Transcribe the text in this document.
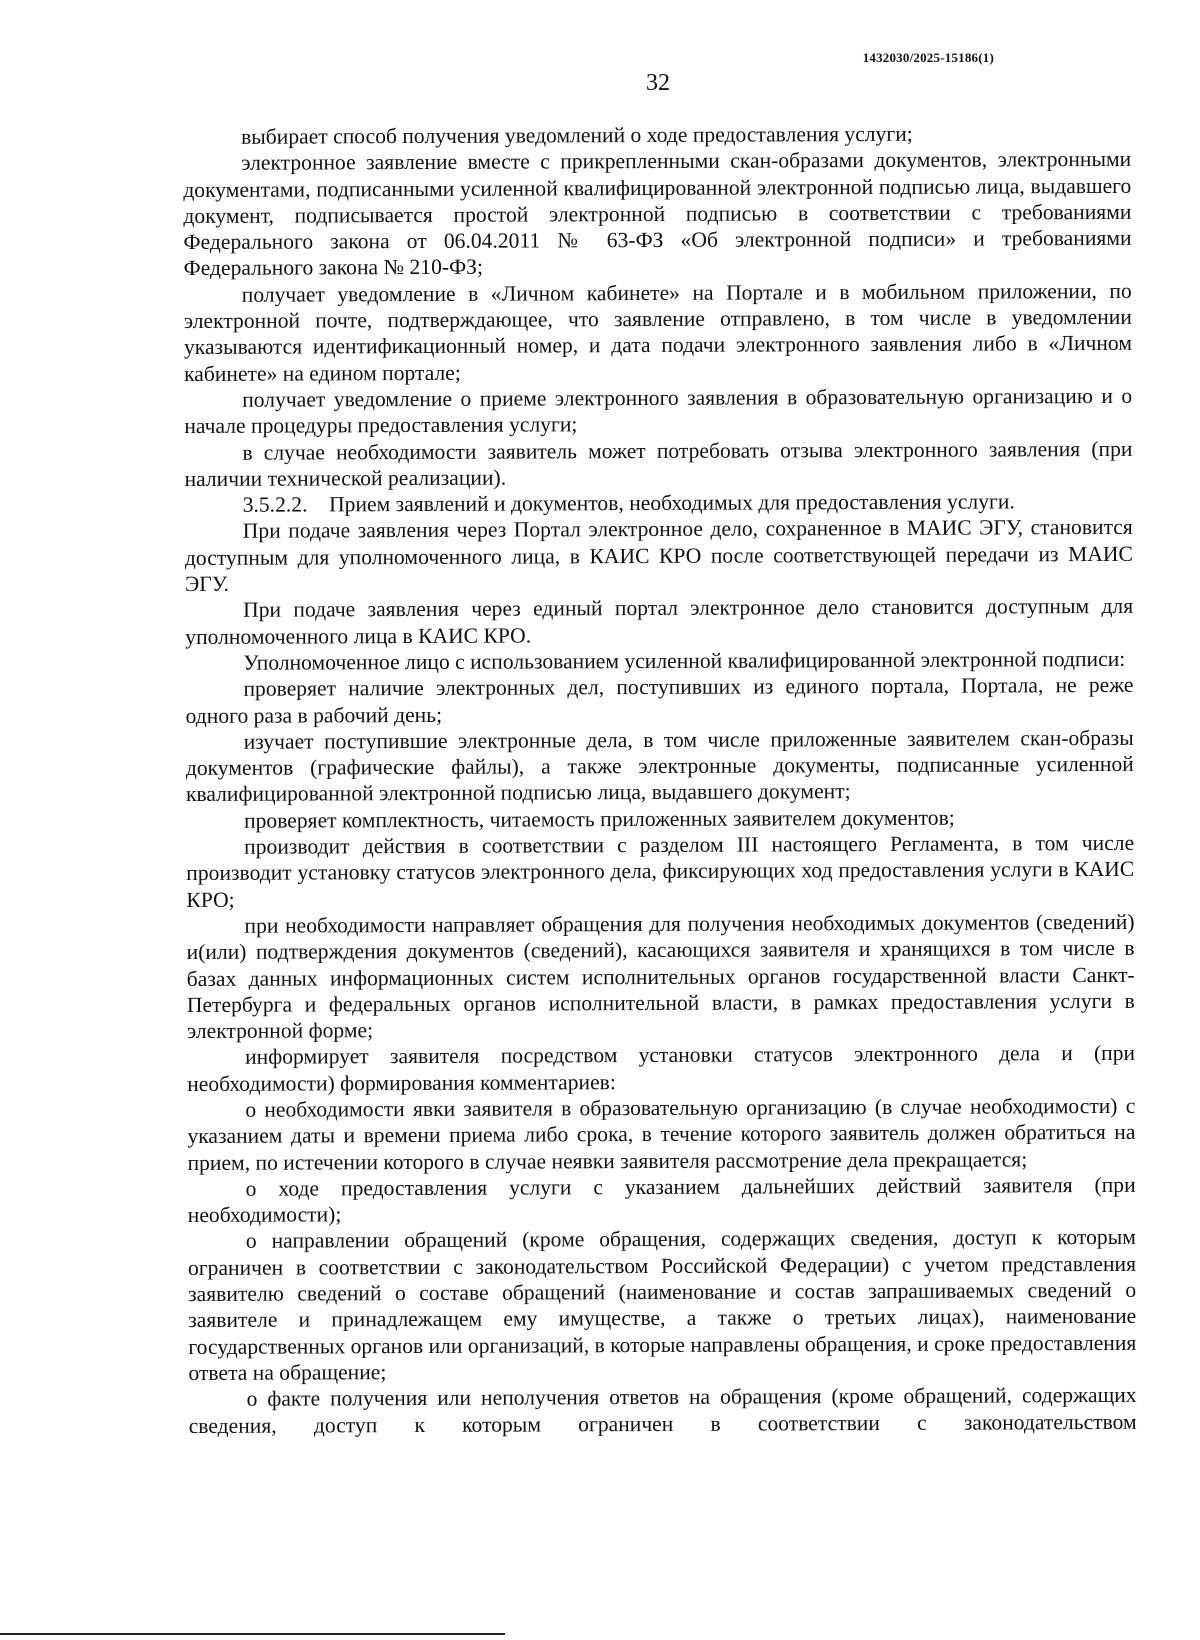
1432030/2025-15186(1)
32

выбирает способ получения уведомлений о ходе предоставления услуги;

электронное заявление вместе с прикрепленными скан-образами документов, электронными документами, подписанными усиленной квалифицированной электронной подписью лица, выдавшего документ, подписывается простой электронной подписью в соответствии с требованиями Федерального закона от 06.04.2011 № 63-ФЗ «Об электронной подписи» и требованиями Федерального закона № 210-ФЗ;

получает уведомление в «Личном кабинете» на Портале и в мобильном приложении, по электронной почте, подтверждающее, что заявление отправлено, в том числе в уведомлении указываются идентификационный номер, и дата подачи электронного заявления либо в «Личном кабинете» на едином портале;

получает уведомление о приеме электронного заявления в образовательную организацию и о начале процедуры предоставления услуги;

в случае необходимости заявитель может потребовать отзыва электронного заявления (при наличии технической реализации).

3.5.2.2.    Прием заявлений и документов, необходимых для предоставления услуги.

При подаче заявления через Портал электронное дело, сохраненное в МАИС ЭГУ, становится доступным для уполномоченного лица, в КАИС КРО после соответствующей передачи из МАИС ЭГУ.

При подаче заявления через единый портал электронное дело становится доступным для уполномоченного лица в КАИС КРО.

Уполномоченное лицо с использованием усиленной квалифицированной электронной подписи:

проверяет наличие электронных дел, поступивших из единого портала, Портала, не реже одного раза в рабочий день;

изучает поступившие электронные дела, в том числе приложенные заявителем скан-образы документов (графические файлы), а также электронные документы, подписанные усиленной квалифицированной электронной подписью лица, выдавшего документ;

проверяет комплектность, читаемость приложенных заявителем документов;

производит действия в соответствии с разделом III настоящего Регламента, в том числе производит установку статусов электронного дела, фиксирующих ход предоставления услуги в КАИС КРО;

при необходимости направляет обращения для получения необходимых документов (сведений) и(или) подтверждения документов (сведений), касающихся заявителя и хранящихся в том числе в базах данных информационных систем исполнительных органов государственной власти Санкт-Петербурга и федеральных органов исполнительной власти, в рамках предоставления услуги в электронной форме;

информирует заявителя посредством установки статусов электронного дела и (при необходимости) формирования комментариев:

о необходимости явки заявителя в образовательную организацию (в случае необходимости) с указанием даты и времени приема либо срока, в течение которого заявитель должен обратиться на прием, по истечении которого в случае неявки заявителя рассмотрение дела прекращается;

о ходе предоставления услуги с указанием дальнейших действий заявителя (при необходимости);

о направлении обращений (кроме обращения, содержащих сведения, доступ к которым ограничен в соответствии с законодательством Российской Федерации) с учетом представления заявителю сведений о составе обращений (наименование и состав запрашиваемых сведений о заявителе и принадлежащем ему имуществе, а также о третьих лицах), наименование государственных органов или организаций, в которые направлены обращения, и сроке предоставления ответа на обращение;

о факте получения или неполучения ответов на обращения (кроме обращений, содержащих сведения, доступ к которым ограничен в соответствии с законодательством
